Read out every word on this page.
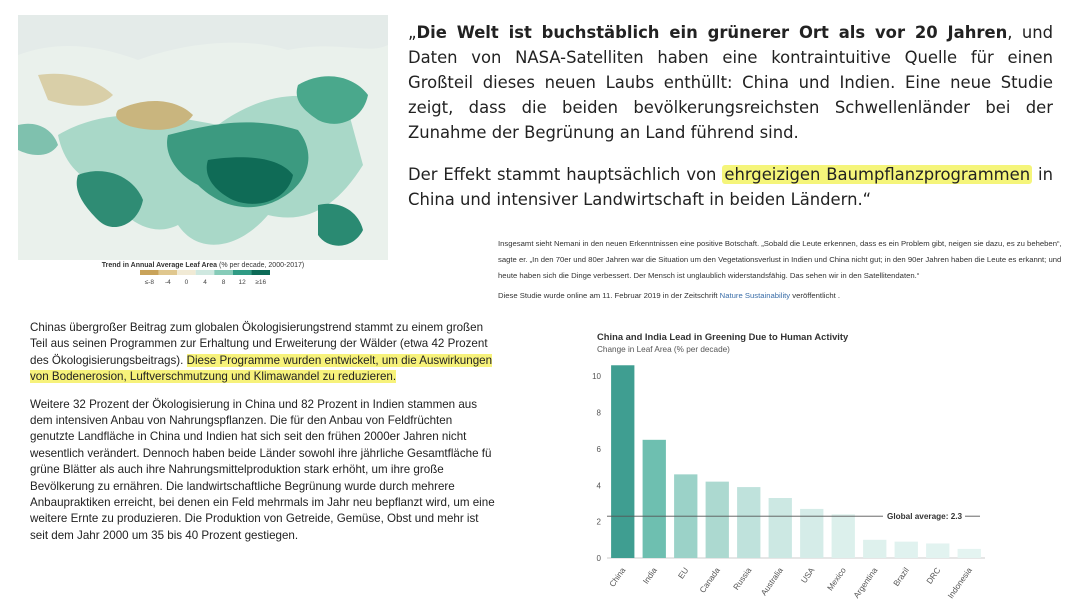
Trend in Annual Average Leaf Area (% per decade, 2000-2017)
≤-8 -4 0 4 8 12 ≥16

„Die Welt ist buchstäblich ein grünerer Ort als vor 20 Jahren, und Daten von NASA-Satelliten haben eine kontraintuitive Quelle für einen Großteil dieses neuen Laubs enthüllt: China und Indien. Eine neue Studie zeigt, dass die beiden bevölkerungsreichsten Schwellenländer bei der Zunahme der Begrünung an Land führend sind.

Der Effekt stammt hauptsächlich von ehrgeizigen Baumpflanzprogrammen in China und intensiver Landwirtschaft in beiden Ländern.“

Insgesamt sieht Nemani in den neuen Erkenntnissen eine positive Botschaft. „Sobald die Leute erkennen, dass es ein Problem gibt, neigen sie dazu, es zu beheben“, sagte er. „In den 70er und 80er Jahren war die Situation um den Vegetationsverlust in Indien und China nicht gut; in den 90er Jahren haben die Leute es erkannt; und heute haben sich die Dinge verbessert. Der Mensch ist unglaublich widerstandsfähig. Das sehen wir in den Satellitendaten.“

Diese Studie wurde online am 11. Februar 2019 in der Zeitschrift Nature Sustainability veröffentlicht .

Chinas übergroßer Beitrag zum globalen Ökologisierungstrend stammt zu einem großen Teil aus seinen Programmen zur Erhaltung und Erweiterung der Wälder (etwa 42 Prozent des Ökologisierungsbeitrags). Diese Programme wurden entwickelt, um die Auswirkungen von Bodenerosion, Luftverschmutzung und Klimawandel zu reduzieren.

Weitere 32 Prozent der Ökologisierung in China und 82 Prozent in Indien stammen aus dem intensiven Anbau von Nahrungspflanzen. Die für den Anbau von Feldfrüchten genutzte Landfläche in China und Indien hat sich seit den frühen 2000er Jahren nicht wesentlich verändert. Dennoch haben beide Länder sowohl ihre jährliche Gesamtfläche fü grüne Blätter als auch ihre Nahrungsmittelproduktion stark erhöht, um ihre große Bevölkerung zu ernähren. Die landwirtschaftliche Begrünung wurde durch mehrere Anbaupraktiken erreicht, bei denen ein Feld mehrmals im Jahr neu bepflanzt wird, um eine weitere Ernte zu produzieren. Die Produktion von Getreide, Gemüse, Obst und mehr ist seit dem Jahr 2000 um 35 bis 40 Prozent gestiegen.

China and India Lead in Greening Due to Human Activity
Change in Leaf Area (% per decade)
0
2
4
6
8
10
China India EU Canada Russia Australia USA Mexico Argentina Brazil DRC Indonesia
Global average: 2.3
